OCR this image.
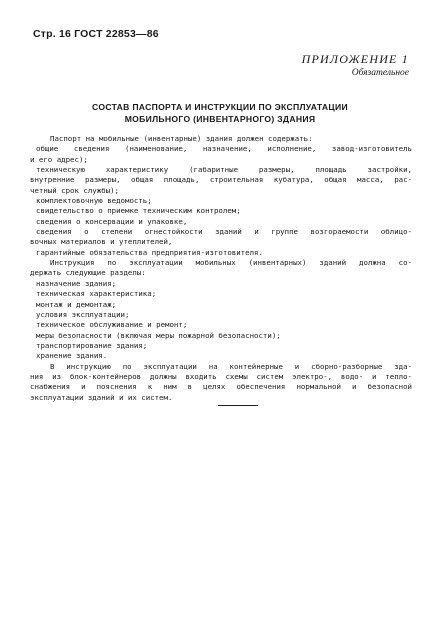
Стр. 16 ГОСТ 22853—86
ПРИЛОЖЕНИЕ 1
Обязательное
СОСТАВ ПАСПОРТА И ИНСТРУКЦИИ ПО ЭКСПЛУАТАЦИИ
МОБИЛЬНОГО (ИНВЕНТАРНОГО) ЗДАНИЯ
Паспорт на мобильные (инвентарные) здания должен содержать:
общие сведения (наименование, назначение, исполнение, завод-изготовитель
и его адрес);
техническую характеристику (габаритные размеры, площадь застройки,
внутренние размеры, общая площадь, строительная кубатура, общая масса, рас-
четный срок службы);
комплектовочную ведомость;
свидетельство о приемке техническим контролем;
сведения о консервации и упаковке,
сведения о степени огнестойкости зданий и группе возгораемости облицо-
вочных материалов и утеплителей,
гарантийные обязательства предприятия-изготовителя.
Инструкция по эксплуатации мобильных (инвентарных) зданий должна со-
держать следующие разделы:
назначение здания;
техническая характеристика;
монтаж и демонтаж;
условия эксплуатации;
техническое обслуживание и ремонт;
меры безопасности (включая меры пожарной безопасности);
транспортирование здания;
хранение здания.
В инструкцию по эксплуатации на контейнерные и сборно-разборные зда-
ния из блок-контейнеров должны входить схемы систем электро-, водо- и тепло-
снабжения и пояснения к ним в целях обеспечения нормальной и безопасной
эксплуатации зданий и их систем.
